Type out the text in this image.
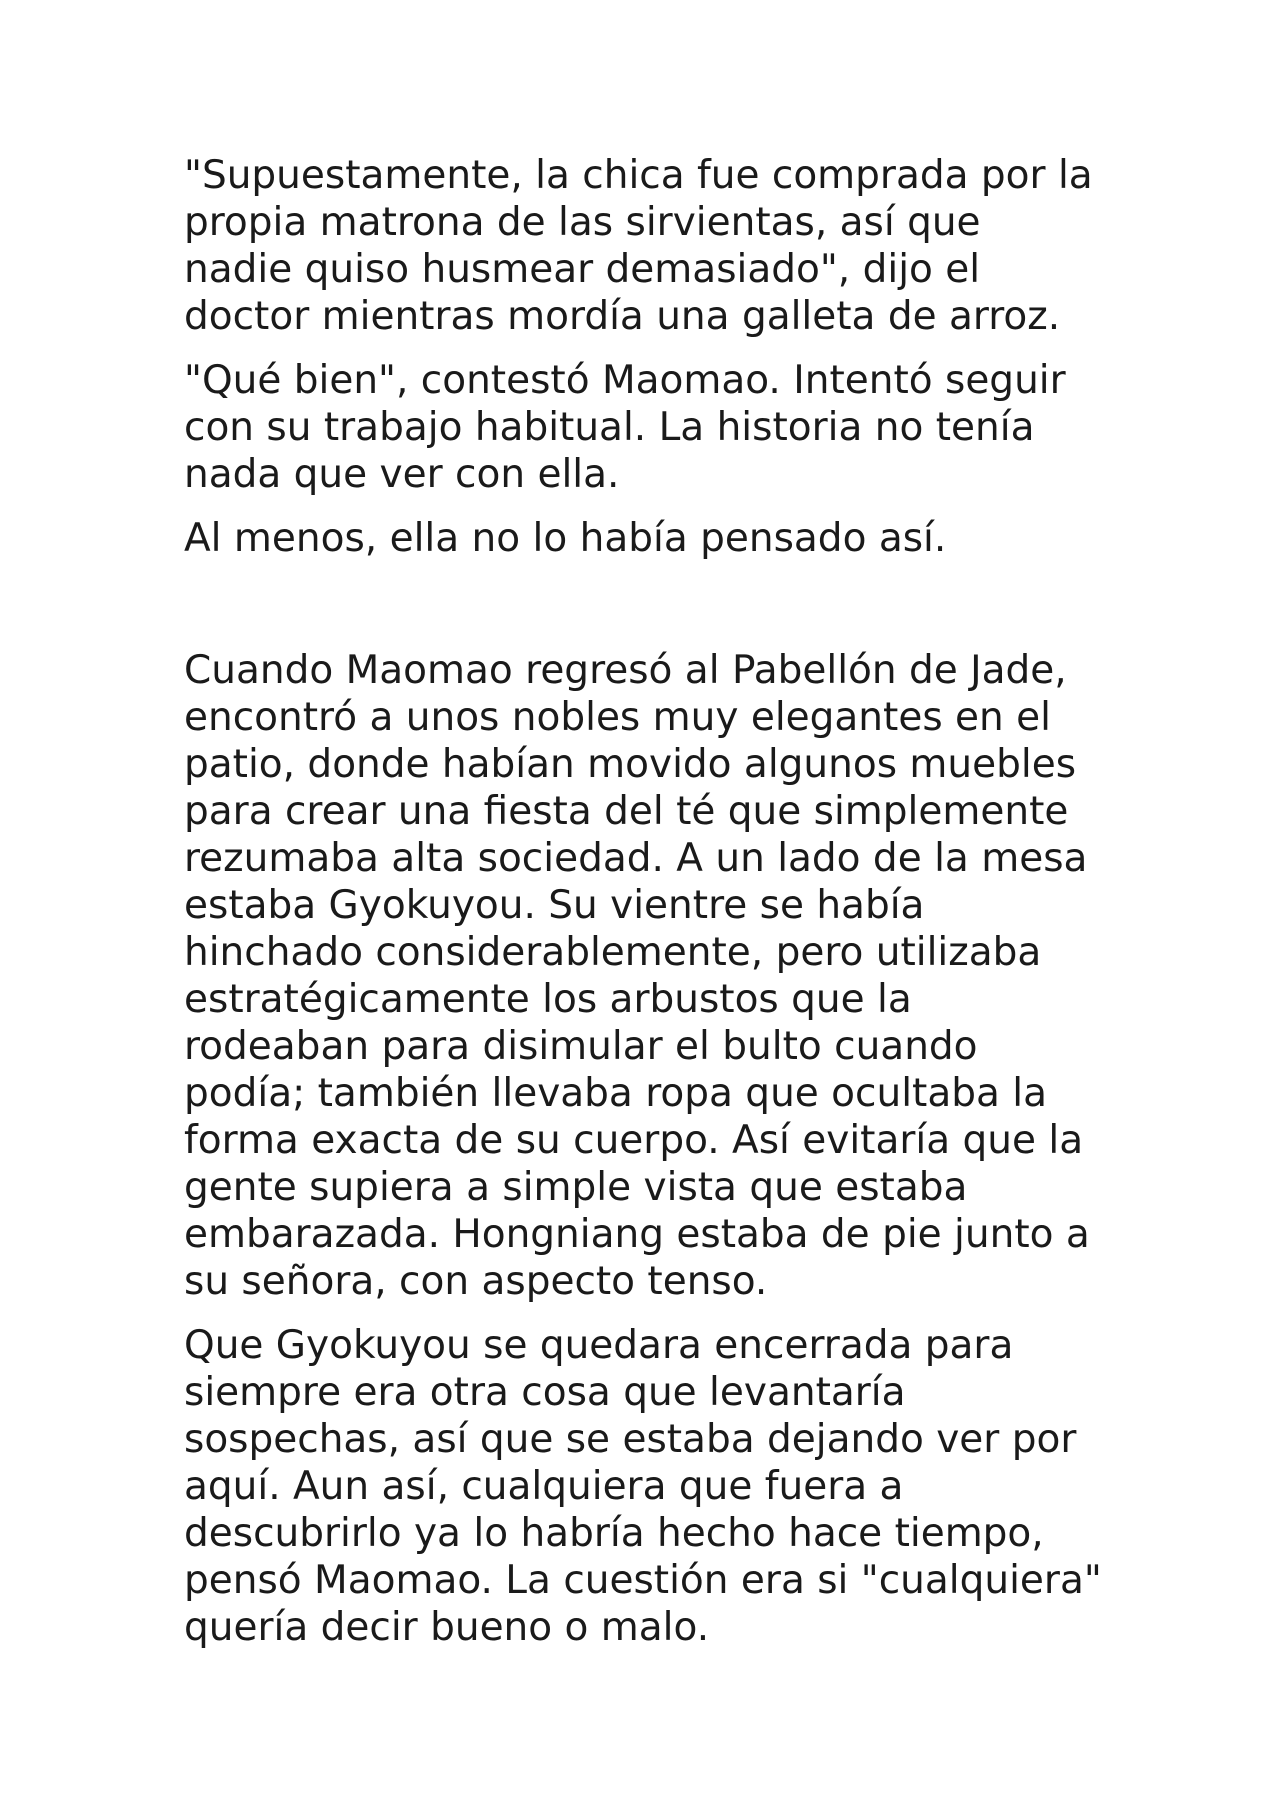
"Supuestamente, la chica fue comprada por la
propia matrona de las sirvientas, así que
nadie quiso husmear demasiado", dijo el
doctor mientras mordía una galleta de arroz.
"Qué bien", contestó Maomao. Intentó seguir
con su trabajo habitual. La historia no tenía
nada que ver con ella.
Al menos, ella no lo había pensado así.
Cuando Maomao regresó al Pabellón de Jade,
encontró a unos nobles muy elegantes en el
patio, donde habían movido algunos muebles
para crear una fiesta del té que simplemente
rezumaba alta sociedad. A un lado de la mesa
estaba Gyokuyou. Su vientre se había
hinchado considerablemente, pero utilizaba
estratégicamente los arbustos que la
rodeaban para disimular el bulto cuando
podía; también llevaba ropa que ocultaba la
forma exacta de su cuerpo. Así evitaría que la
gente supiera a simple vista que estaba
embarazada. Hongniang estaba de pie junto a
su señora, con aspecto tenso.
Que Gyokuyou se quedara encerrada para
siempre era otra cosa que levantaría
sospechas, así que se estaba dejando ver por
aquí. Aun así, cualquiera que fuera a
descubrirlo ya lo habría hecho hace tiempo,
pensó Maomao. La cuestión era si "cualquiera"
quería decir bueno o malo.
